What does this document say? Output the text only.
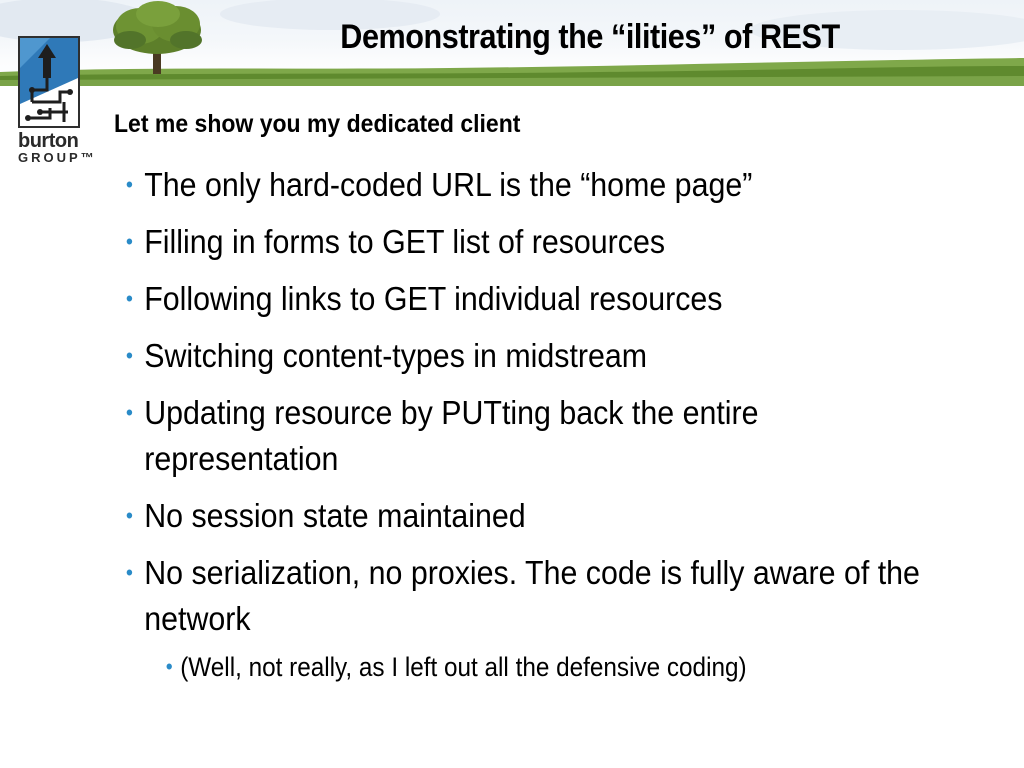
Demonstrating the “ilities” of REST

burton

GROUP™

Let me show you my dedicated client
• The only hard-coded URL is the “home page”
• Filling in forms to GET list of resources
• Following links to GET individual resources
• Switching content-types in midstream
• Updating resource by PUTting back the entire representation
• No session state maintained
• No serialization, no proxies. The code is fully aware of the network
• (Well, not really, as I left out all the defensive coding)
